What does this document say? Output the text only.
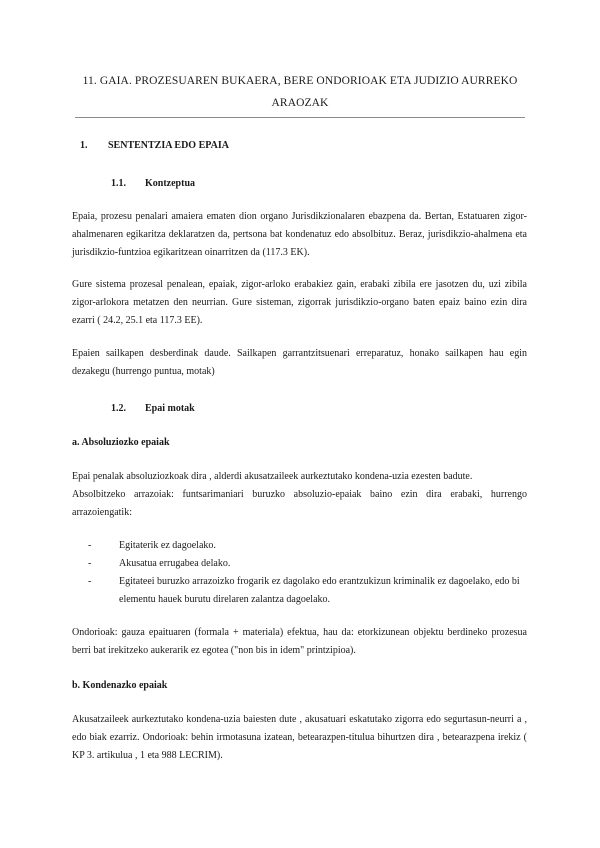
11. GAIA. PROZESUAREN BUKAERA, BERE ONDORIOAK ETA JUDIZIO AURREKO ARAOZAK
1. SENTENTZIA EDO EPAIA
1.1. Kontzeptua

Epaia, prozesu penalari amaiera ematen dion organo Jurisdikzionalaren ebazpena da. Bertan, Estatuaren zigor-ahalmenaren egikaritza deklaratzen da, pertsona bat kondenatuz edo absolbituz. Beraz, jurisdikzio-ahalmena eta jurisdikzio-funtzioa egikaritzean oinarritzen da (117.3 EK).

Gure sistema prozesal penalean, epaiak, zigor-arloko erabakiez gain, erabaki zibila ere jasotzen du, uzi zibila zigor-arlokora metatzen den neurrian. Gure sisteman, zigorrak jurisdikzio-organo baten epaiz baino ezin dira ezarri ( 24.2, 25.1 eta 117.3 EE).

Epaien sailkapen desberdinak daude. Sailkapen garrantzitsuenari erreparatuz, honako sailkapen hau egin dezakegu (hurrengo puntua, motak)

1.2. Epai motak
a. Absoluziozko epaiak

Epai penalak absoluziozkoak dira , alderdi akusatzaileek aurkeztutako kondena-uzia ezesten badute.

Absolbitzeko arrazoiak: funtsarimaniari buruzko absoluzio-epaiak baino ezin dira erabaki, hurrengo arrazoiengatik:

-	Egitaterik ez dagoelako.
-	Akusatua errugabea delako.
-	Egitateei buruzko arrazoizko frogarik ez dagolako edo erantzukizun kriminalik ez dagoelako, edo bi elementu hauek burutu direlaren zalantza dagoelako.

Ondorioak: gauza epaituaren (formala + materiala) efektua, hau da: etorkizunean objektu berdineko prozesua berri bat irekitzeko aukerarik ez egotea ("non bis in idem" printzipioa).

b. Kondenazko epaiak

Akusatzaileek aurkeztutako kondena-uzia baiesten dute , akusatuari eskatutako zigorra edo segurtasun-neurri a , edo biak ezarriz. Ondorioak: behin irmotasuna izatean, betearazpen-titulua bihurtzen dira , betearazpena irekiz ( KP 3. artikulua , 1 eta 988 LECRIM).
